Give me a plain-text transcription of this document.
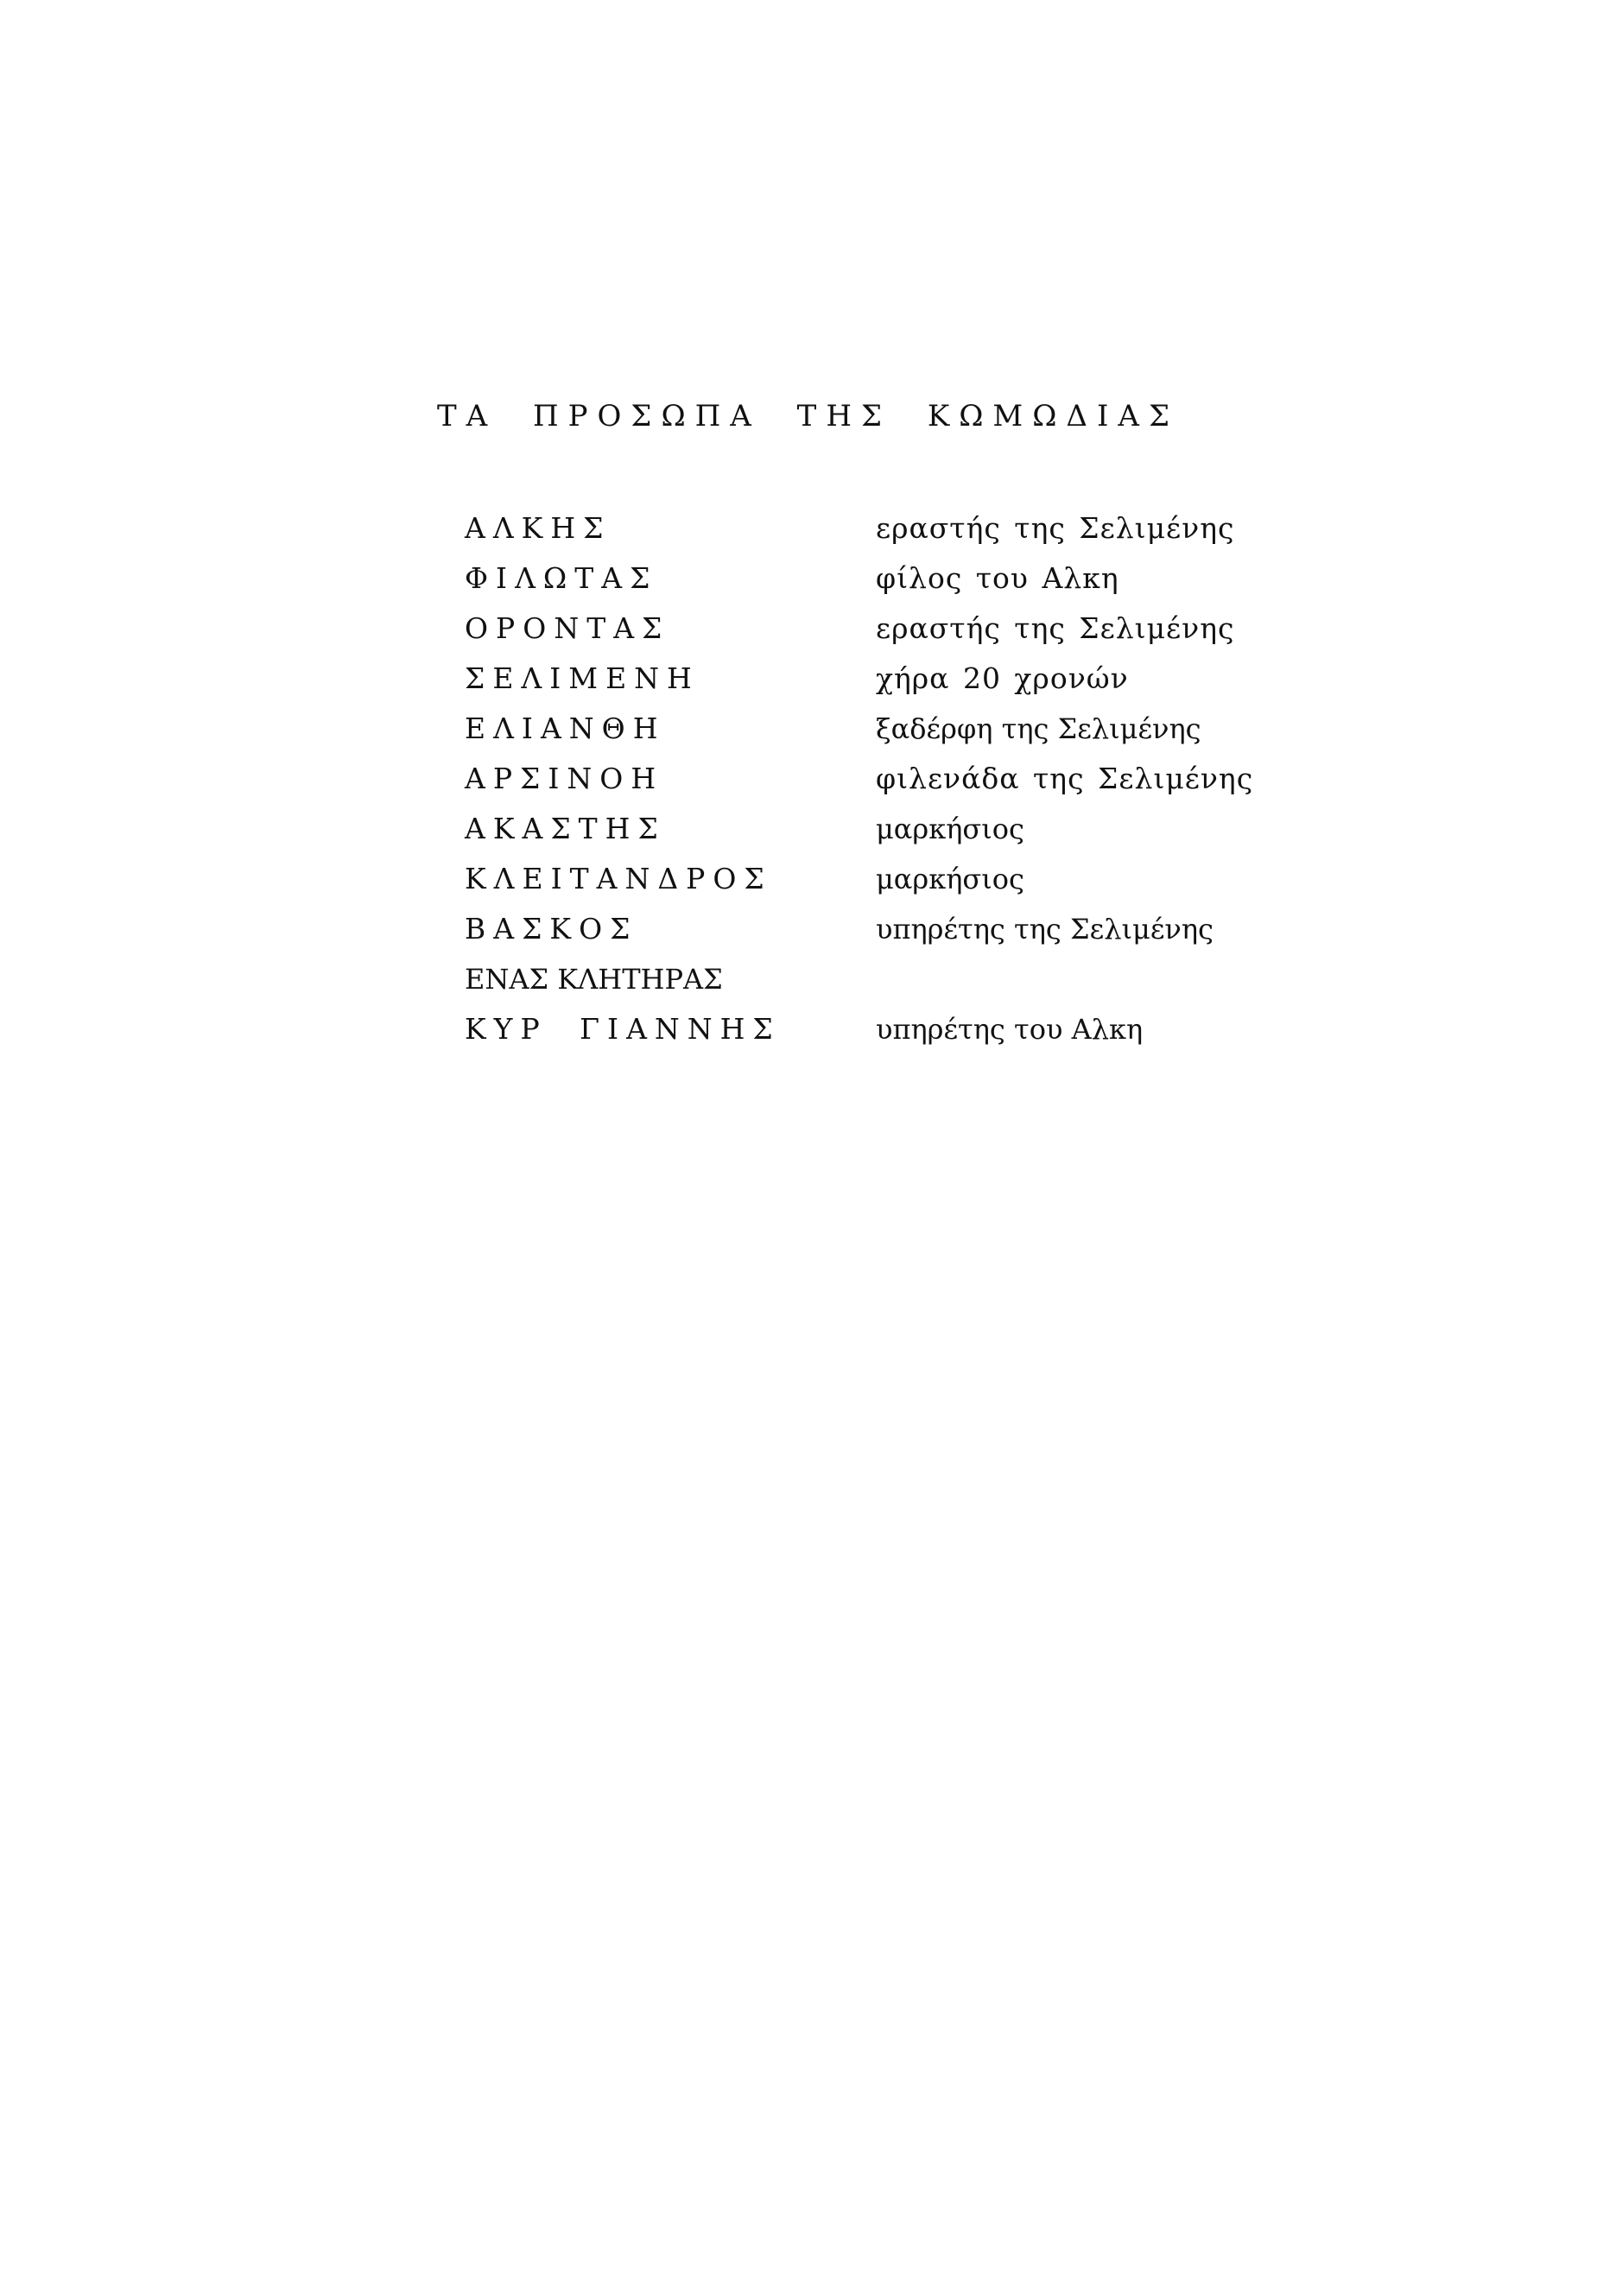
ΤΑ ΠΡΟΣΩΠΑ ΤΗΣ ΚΩΜΩΔΙΑΣ
ΑΛΚΗΣ	εραστής της Σελιμένης
ΦΙΛΩΤΑΣ	φίλος του Αλκη
ΟΡΟΝΤΑΣ	εραστής της Σελιμένης
ΣΕΛΙΜΕΝΗ	χήρα 20 χρονών
ΕΛΙΑΝΘΗ	ξαδέρφη της Σελιμένης
ΑΡΣΙΝΟΗ	φιλενάδα της Σελιμένης
ΑΚΑΣΤΗΣ	μαρκήσιος
ΚΛΕΙΤΑΝΔΡΟΣ	μαρκήσιος
ΒΑΣΚΟΣ	υπηρέτης της Σελιμένης
ΕΝΑΣ ΚΛΗΤΗΡΑΣ
ΚΥΡ ΓΙΑΝΝΗΣ	υπηρέτης του Αλκη
